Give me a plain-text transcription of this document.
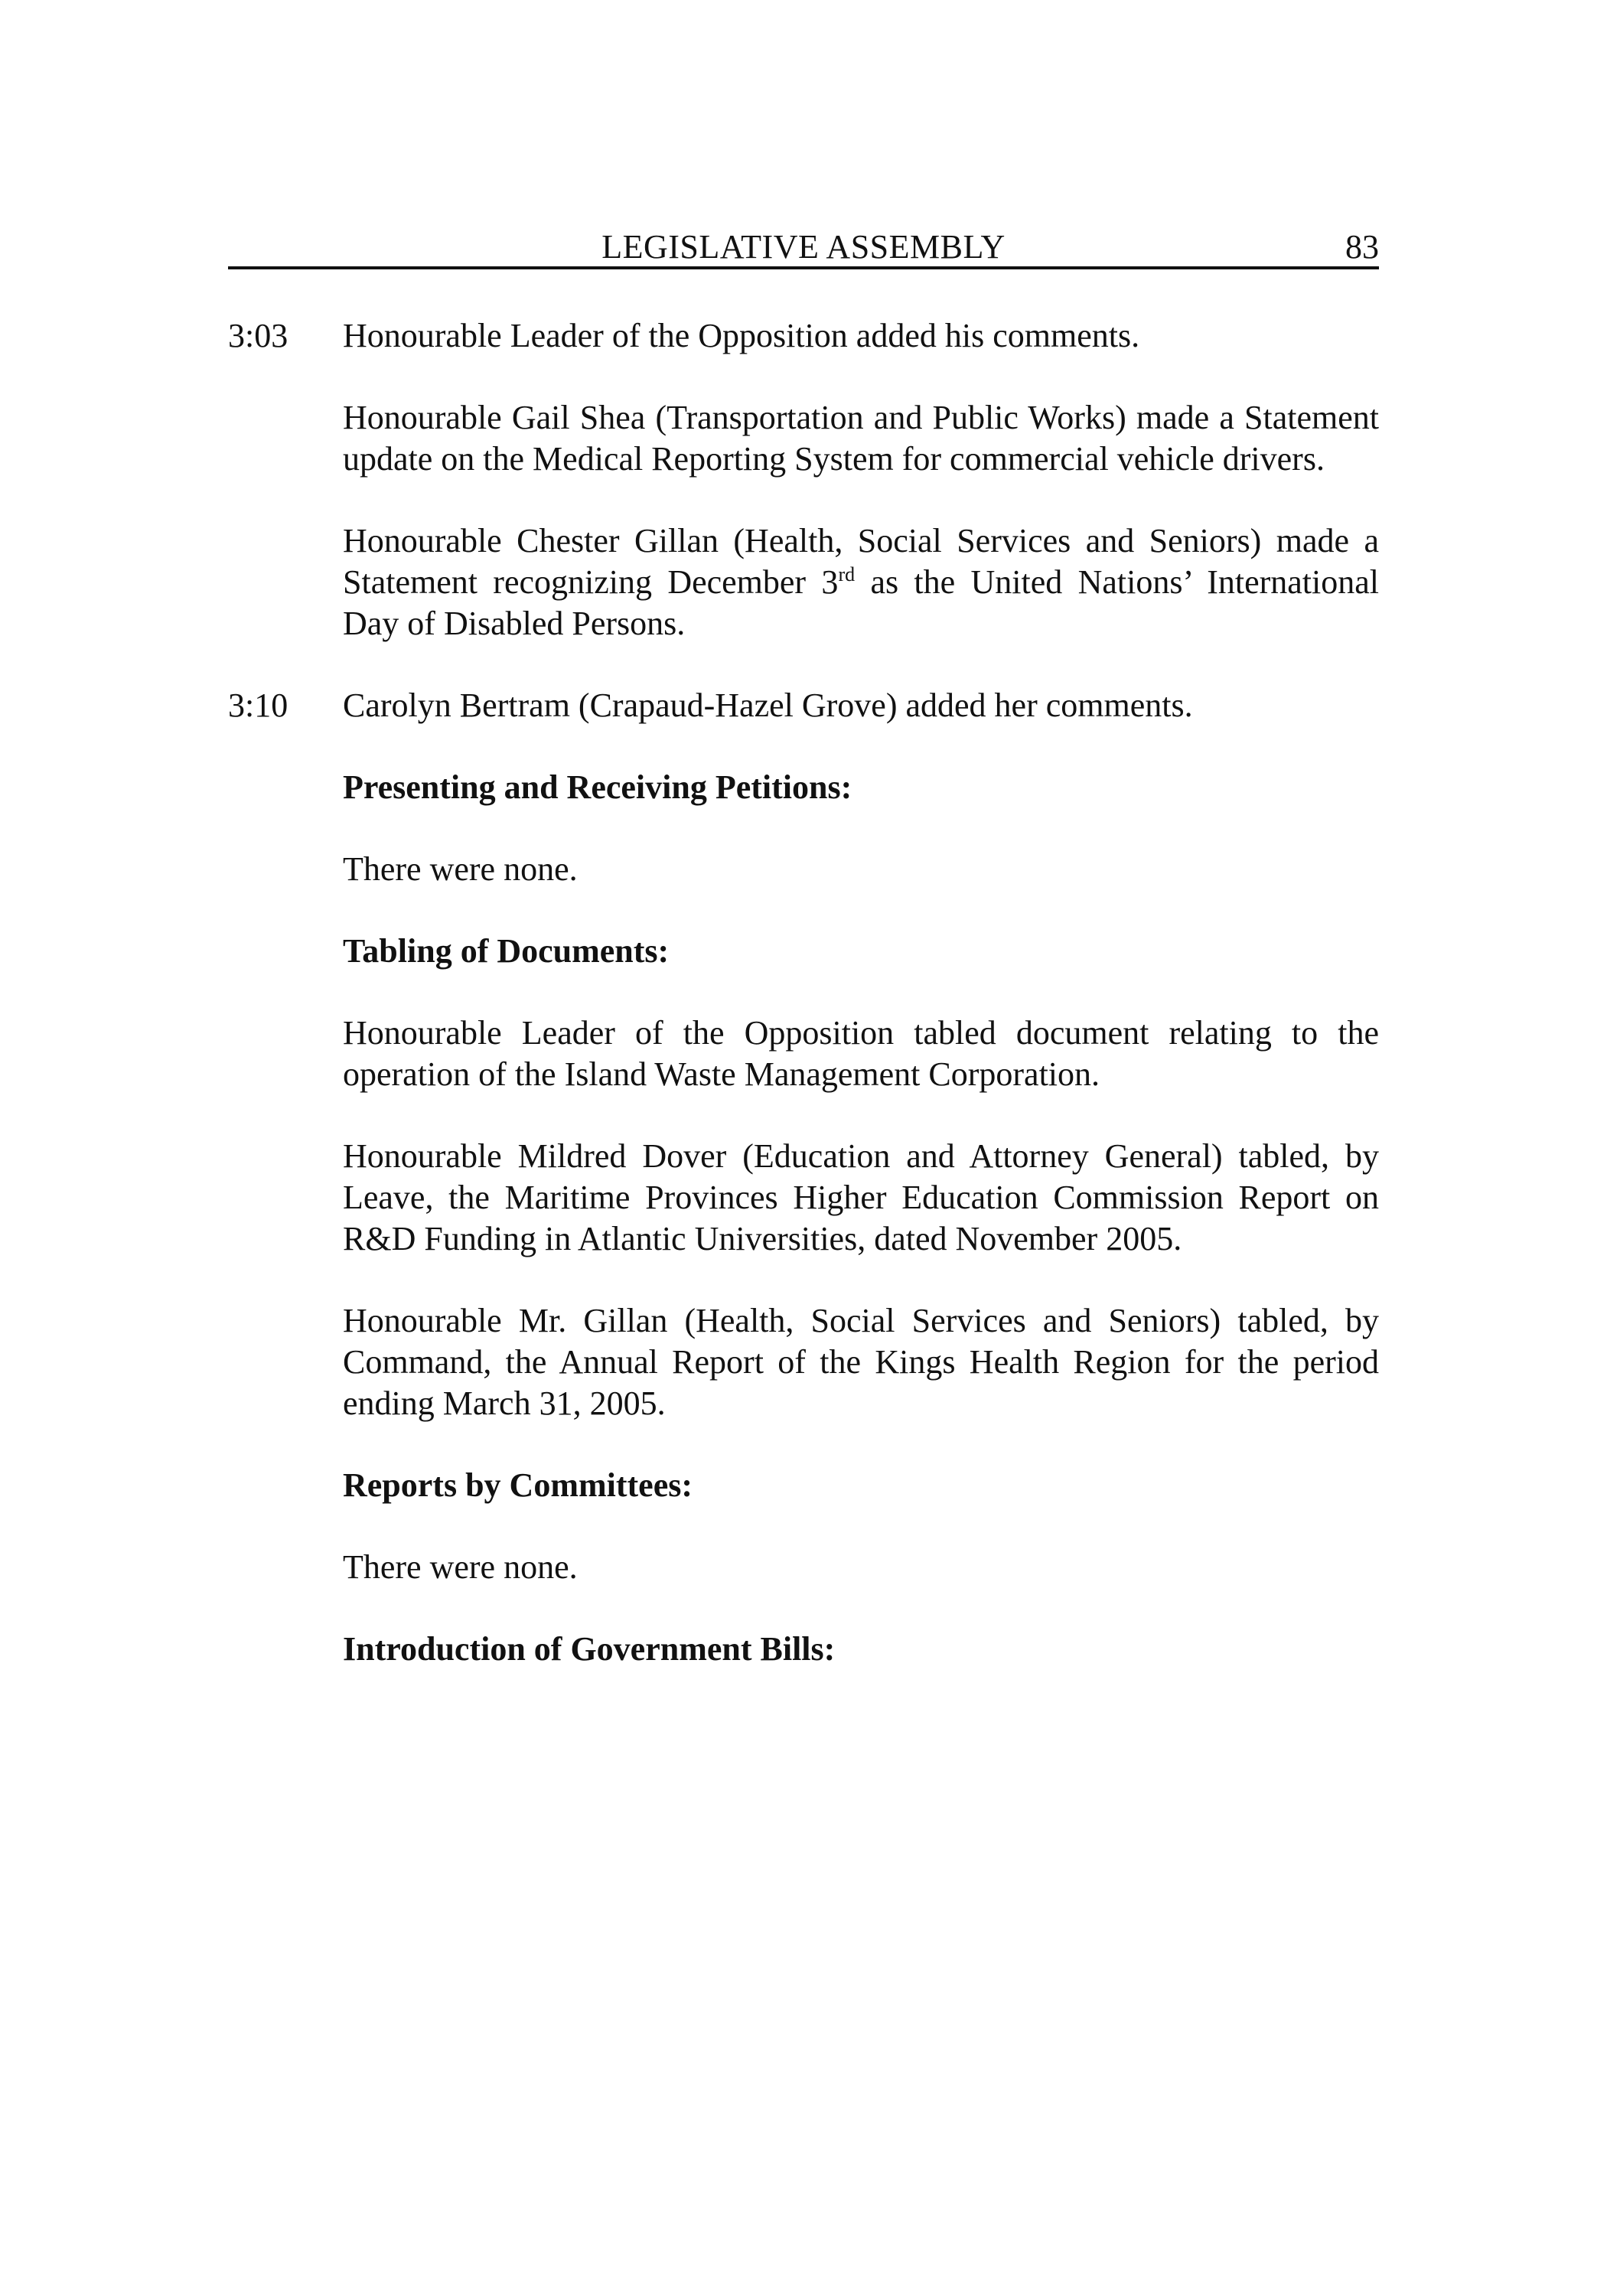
LEGISLATIVE ASSEMBLY	83
3:03 Honourable Leader of the Opposition added his comments.
Honourable Gail Shea (Transportation and Public Works) made a Statement update on the Medical Reporting System for commercial vehicle drivers.
Honourable Chester Gillan (Health, Social Services and Seniors) made a Statement recognizing December 3rd as the United Nations’ International Day of Disabled Persons.
3:10 Carolyn Bertram (Crapaud-Hazel Grove) added her comments.
Presenting and Receiving Petitions:
There were none.
Tabling of Documents:
Honourable Leader of the Opposition tabled document relating to the operation of the Island Waste Management Corporation.
Honourable Mildred Dover (Education and Attorney General) tabled, by Leave, the Maritime Provinces Higher Education Commission Report on R&D Funding in Atlantic Universities, dated November 2005.
Honourable Mr. Gillan (Health, Social Services and Seniors) tabled, by Command, the Annual Report of the Kings Health Region for the period ending March 31, 2005.
Reports by Committees:
There were none.
Introduction of Government Bills:
